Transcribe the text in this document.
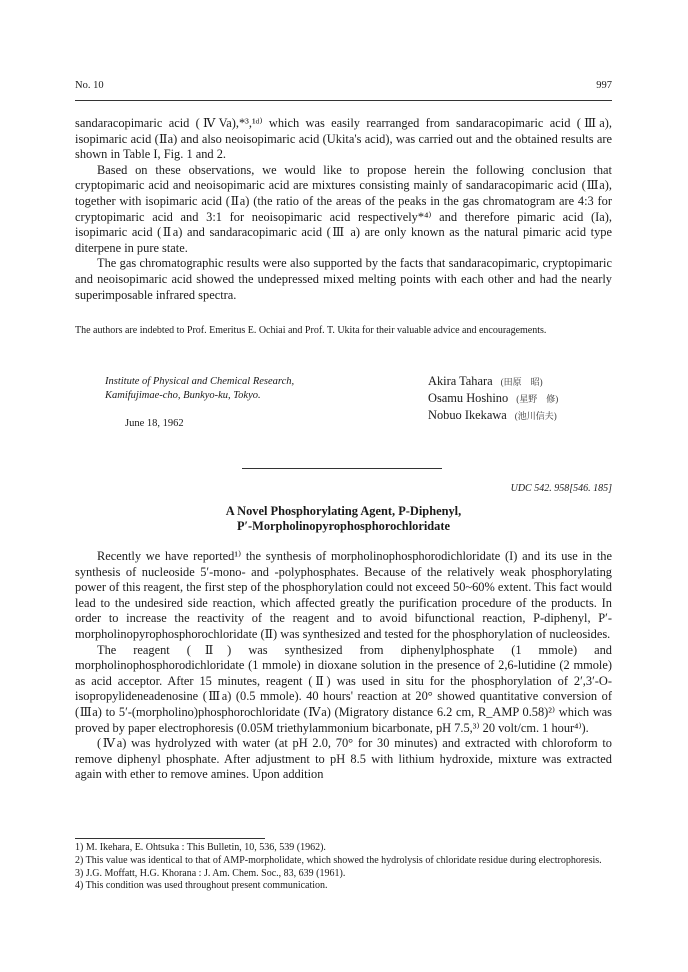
No. 10	997

sandaracopimaric acid (ⅣVa),*³,¹ᵈ⁾ which was easily rearranged from sandaracopimaric acid (Ⅲa), isopimaric acid (Ⅱa) and also neoisopimaric acid (Ukita's acid), was carried out and the obtained results are shown in Table I, Fig. 1 and 2.

Based on these observations, we would like to propose herein the following conclusion that cryptopimaric acid and neoisopimaric acid are mixtures consisting mainly of sandaracopimaric acid (Ⅲa), together with isopimaric acid (Ⅱa) (the ratio of the areas of the peaks in the gas chromatogram are 4:3 for cryptopimaric acid and 3:1 for neoisopimaric acid respectively*⁴⁾ and therefore pimaric acid (Ia), isopimaric acid (Ⅱa) and sandaracopimaric acid (Ⅲ a) are only known as the natural pimaric acid type diterpene in pure state.

The gas chromatographic results were also supported by the facts that sandaracopimaric, cryptopimaric and neoisopimaric acid showed the undepressed mixed melting points with each other and had the nearly superimposable infrared spectra.

The authors are indebted to Prof. Emeritus E. Ochiai and Prof. T. Ukita for their valuable advice and encouragements.
Institute of Physical and Chemical Research,
Kamifujimae-cho, Bunkyo-ku, Tokyo.
June 18, 1962
Akira Tahara (田原　昭)
Osamu Hoshino (星野　修)
Nobuo Ikekawa (池川信夫)
UDC 542. 958[546. 185]
A Novel Phosphorylating Agent, P-Diphenyl,
P′-Morpholinopyrophosphorochloridate

Recently we have reported¹⁾ the synthesis of morpholinophosphorodichloridate (I) and its use in the synthesis of nucleoside 5′-mono- and -polyphosphates. Because of the relatively weak phosphorylating power of this reagent, the first step of the phosphorylation could not exceed 50~60% extent. This fact would lead to the undesired side reaction, which affected greatly the purification procedure of the products. In order to increase the reactivity of the reagent and to avoid bifunctional reaction, P-diphenyl, P′-morpholinopyrophosphorochloridate (Ⅱ) was synthesized and tested for the phosphorylation of nucleosides.

The reagent (Ⅱ) was synthesized from diphenylphosphate (1 mmole) and morpholinophosphorodichloridate (1 mmole) in dioxane solution in the presence of 2,6-lutidine (2 mmole) as acid acceptor. After 15 minutes, reagent (Ⅱ) was used in situ for the phosphorylation of 2′,3′-O-isopropylideneadenosine (Ⅲa) (0.5 mmole). 40 hours' reaction at 20° showed quantitative conversion of (Ⅲa) to 5′-(morpholino)phosphorochloridate (Ⅳa) (Migratory distance 6.2 cm, R_AMP 0.58)²⁾ which was proved by paper electrophoresis (0.05M triethylammonium bicarbonate, pH 7.5,³⁾ 20 volt/cm. 1 hour⁴⁾).

(Ⅳa) was hydrolyzed with water (at pH 2.0, 70° for 30 minutes) and extracted with chloroform to remove diphenyl phosphate. After adjustment to pH 8.5 with lithium hydroxide, mixture was extracted again with ether to remove amines. Upon addition

1) M. Ikehara, E. Ohtsuka : This Bulletin, 10, 536, 539 (1962).
2) This value was identical to that of AMP-morpholidate, which showed the hydrolysis of chloridate residue during electrophoresis.
3) J.G. Moffatt, H.G. Khorana : J. Am. Chem. Soc., 83, 639 (1961).
4) This condition was used throughout present communication.
